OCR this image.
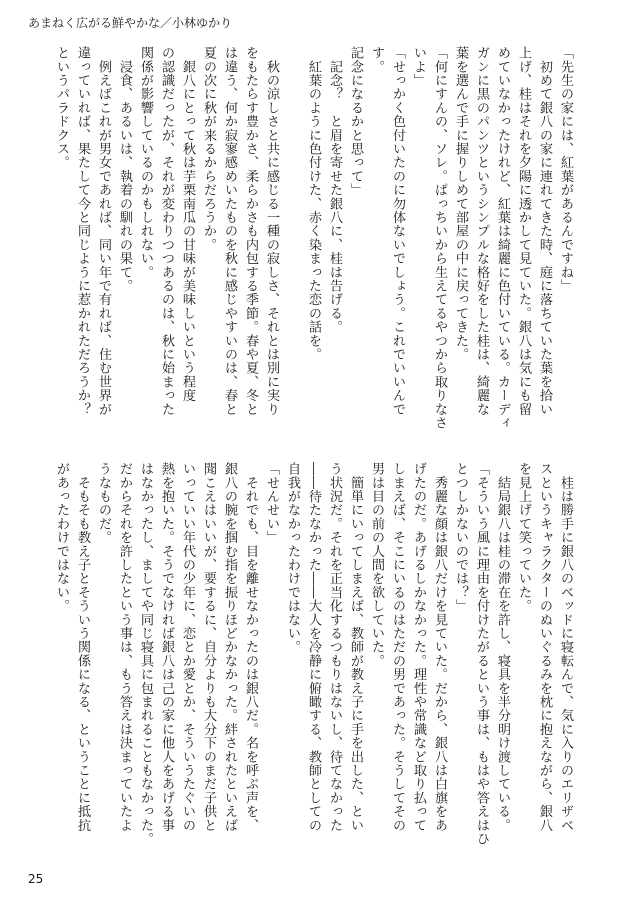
あまねく広がる鮮やかな／小林ゆかり

「先生の家には、紅葉があるんですね」

　初めて銀八の家に連れてきた時、庭に落ちていた葉を拾い

上げ、桂はそれを夕陽に透かして見ていた。銀八は気にも留

めていなかったけれど、紅葉は綺麗に色付いている。カーディ

ガンに黒のパンツというシンプルな格好をした桂は、綺麗な

葉を選んで手に握りしめて部屋の中に戻ってきた。

「何にすんの、ソレ。ぱっちいから生えてるやつから取りなさ

いよ」

「せっかく色付いたのに勿体ないでしょう。これでいいんです。

記念になるかと思って」

　記念？　と眉を寄せた銀八に、桂は告げる。

　紅葉のように色付けた、赤く染まった恋の話を。

　秋の涼しさと共に感じる一種の寂しさ、それとは別に実り

をもたらす豊かさ、柔らかさも内包する季節。春や夏、冬と

は違う、何か寂寥感めいたものを秋に感じやすいのは、春と

夏の次に秋が来るからだろうか。

　銀八にとって秋は芋栗南瓜の甘味が美味しいという程度

の認識だったが、それが変わりつつあるのは、秋に始まった

関係が影響しているのかもしれない。

　浸食、あるいは、執着の馴れの果て。

　例えばこれが男女であれば、同い年で有れば、住む世界が

違っていれば、果たして今と同じように惹かれただろうか？

というパラドクス。

　桂は勝手に銀八のベッドに寝転んで、気に入りのエリザベ

スというキャラクターのぬいぐるみを枕に抱えながら、銀八

を見上げて笑っていた。

　結局銀八は桂の滞在を許し、寝具を半分明け渡している。

「そういう風に理由を付けたがるという事は、もはや答えはひ

とつしかないのでは？」

　秀麗な顔は銀八だけを見ていた。だから、銀八は白旗をあ

げたのだ。あげるしかなかった。理性や常識など取り払って

しまえば、そこにいるのはただの男であった。そうしてその

男は目の前の人間を欲していた。

　簡単にいってしまえば、教師が教え子に手を出した、とい

う状況だ。それを正当化するつもりはないし、待てなかった

――待たなかった――大人を冷静に俯瞰する、教師としての

自我がなかったわけではない。

「せんせい」

　それでも、目を離せなかったのは銀八だ。名を呼ぶ声を、

銀八の腕を掴む指を振りほどかなかった。絆されたといえば

聞こえはいいが、要するに、自分よりも大分下のまだ子供と

いっていい年代の少年に、恋とか愛とか、そういうたぐいの

熱を抱いた。そうでなければ銀八は己の家に他人をあげる事

はなかったし、ましてや同じ寝具に包まれることもなかった。

だからそれを許したという事は、もう答えは決まっていたよ

うなものだ。

　そもそも教え子とそういう関係になる、ということに抵抗

があったわけではない。

25
